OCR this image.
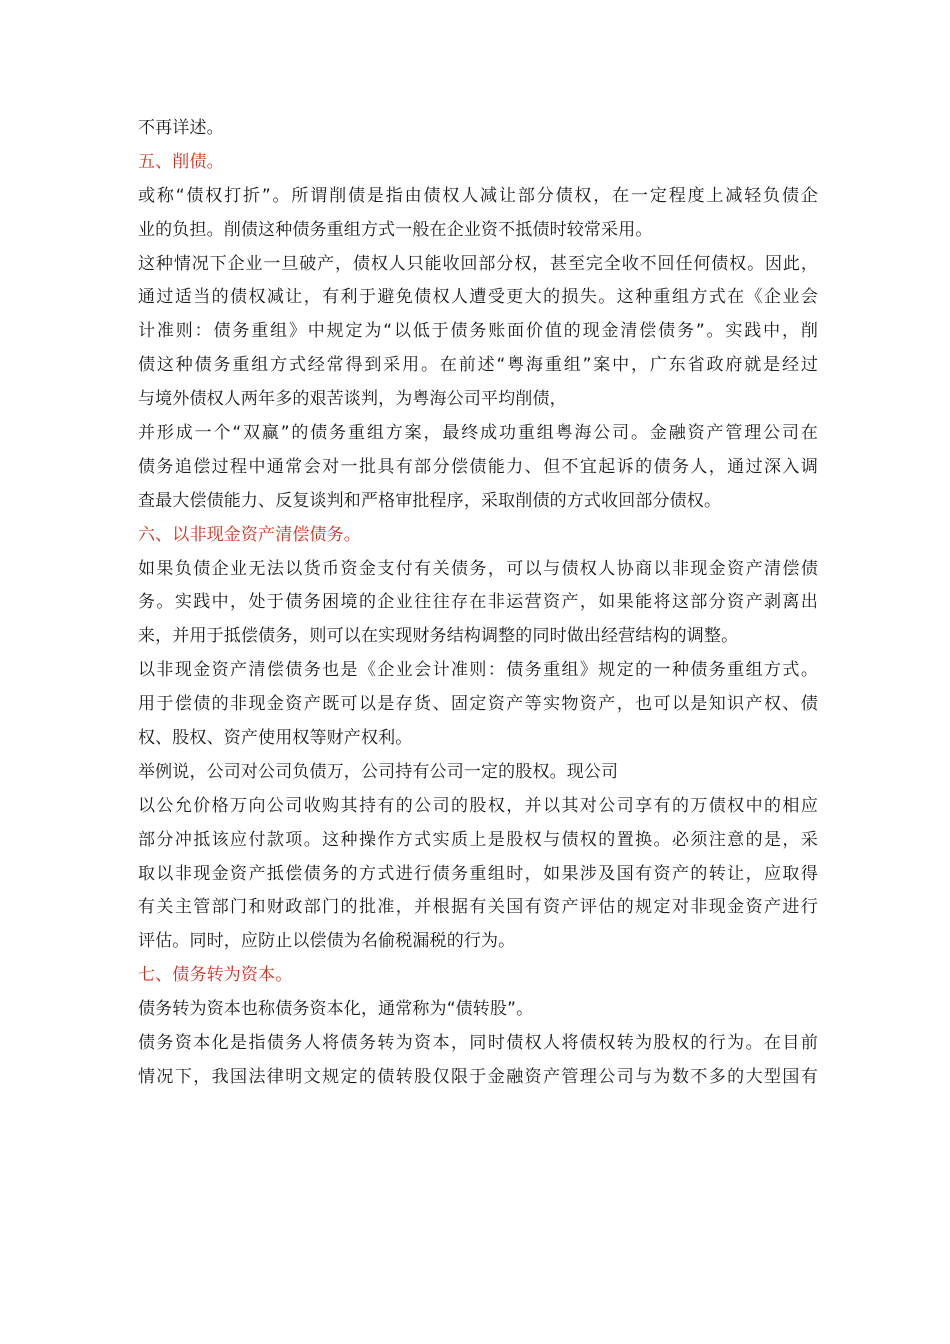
不再详述。
五、削债。
或称“债权打折”。所谓削债是指由债权人减让部分债权，在一定程度上减轻负债企
业的负担。削债这种债务重组方式一般在企业资不抵债时较常采用。
这种情况下企业一旦破产，债权人只能收回部分权，甚至完全收不回任何债权。因此，
通过适当的债权减让，有利于避免债权人遭受更大的损失。这种重组方式在《企业会
计准则：债务重组》中规定为“以低于债务账面价值的现金清偿债务”。实践中，削
债这种债务重组方式经常得到采用。在前述“粤海重组”案中，广东省政府就是经过
与境外债权人两年多的艰苦谈判，为粤海公司平均削债，
并形成一个“双赢”的债务重组方案，最终成功重组粤海公司。金融资产管理公司在
债务追偿过程中通常会对一批具有部分偿债能力、但不宜起诉的债务人，通过深入调
查最大偿债能力、反复谈判和严格审批程序，采取削债的方式收回部分债权。
六、以非现金资产清偿债务。
如果负债企业无法以货币资金支付有关债务，可以与债权人协商以非现金资产清偿债
务。实践中，处于债务困境的企业往往存在非运营资产，如果能将这部分资产剥离出
来，并用于抵偿债务，则可以在实现财务结构调整的同时做出经营结构的调整。
以非现金资产清偿债务也是《企业会计准则：债务重组》规定的一种债务重组方式。
用于偿债的非现金资产既可以是存货、固定资产等实物资产，也可以是知识产权、债
权、股权、资产使用权等财产权利。
举例说，公司对公司负债万，公司持有公司一定的股权。现公司
以公允价格万向公司收购其持有的公司的股权，并以其对公司享有的万债权中的相应
部分冲抵该应付款项。这种操作方式实质上是股权与债权的置换。必须注意的是，采
取以非现金资产抵偿债务的方式进行债务重组时，如果涉及国有资产的转让，应取得
有关主管部门和财政部门的批准，并根据有关国有资产评估的规定对非现金资产进行
评估。同时，应防止以偿债为名偷税漏税的行为。
七、债务转为资本。
债务转为资本也称债务资本化，通常称为“债转股”。
债务资本化是指债务人将债务转为资本，同时债权人将债权转为股权的行为。在目前
情况下，我国法律明文规定的债转股仅限于金融资产管理公司与为数不多的大型国有
